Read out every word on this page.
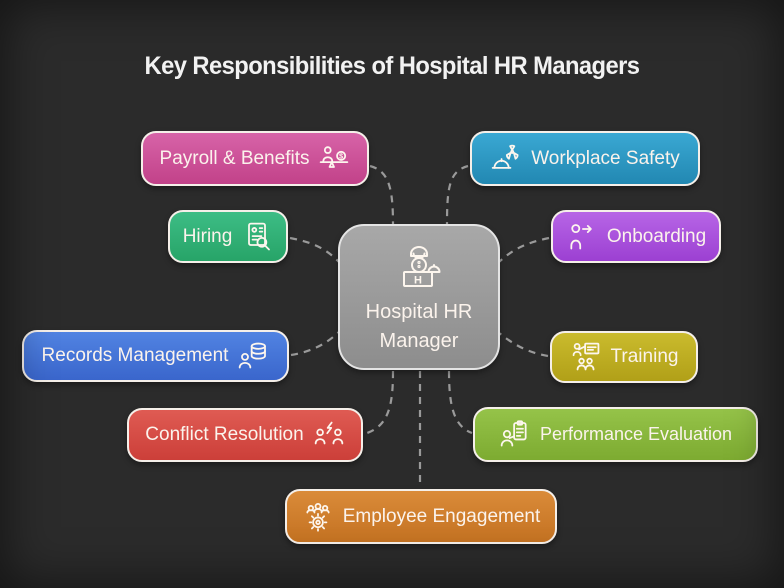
Key Responsibilities of Hospital HR Managers
Payroll & Benefits	$	Workplace Safety
Hiring	Onboarding
H
Hospital HR
Manager
Records Management	Training
Conflict Resolution	Performance Evaluation
Employee Engagement
